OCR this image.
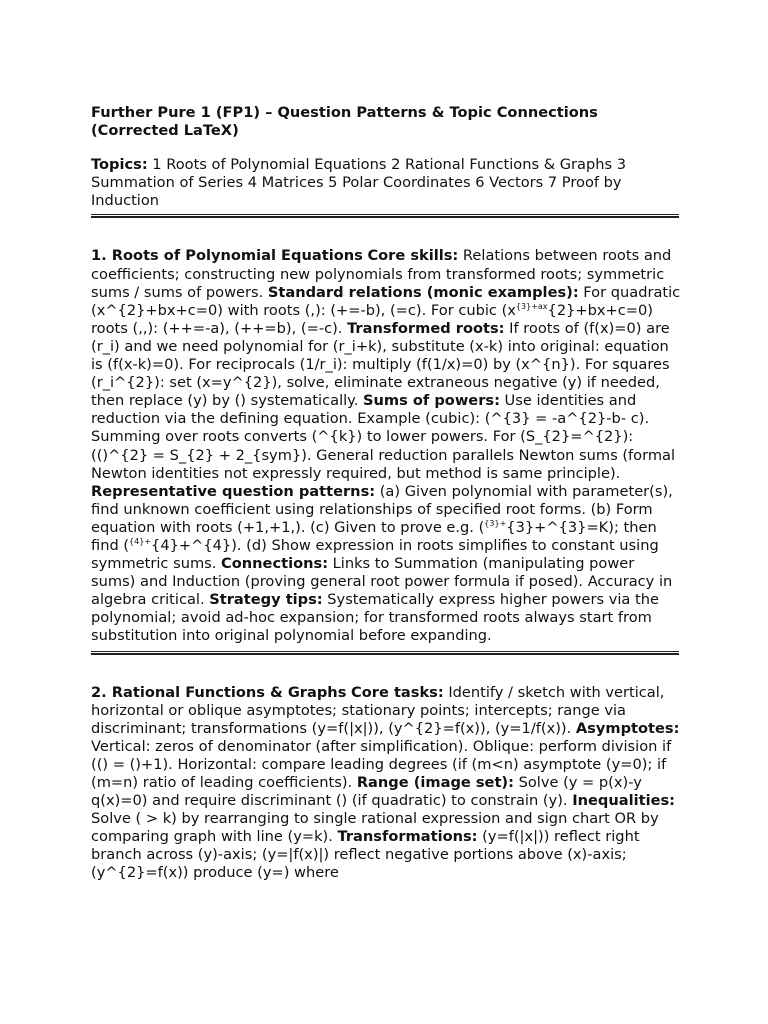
Further Pure 1 (FP1) – Question Patterns & Topic Connections (Corrected LaTeX)

Topics: 1 Roots of Polynomial Equations 2 Rational Functions & Graphs 3 Summation of Series 4 Matrices 5 Polar Coordinates 6 Vectors 7 Proof by Induction

1. Roots of Polynomial Equations Core skills: Relations between roots and coefficients; constructing new polynomials from transformed roots; symmetric sums / sums of powers. Standard relations (monic examples): For quadratic (x^{2}+bx+c=0) with roots (,): (+=-b), (=c). For cubic $(x^{\{3\}+ax}\{2\}+bx+c=0)$ roots (,,): (++=-a), (++=b), (=-c). Transformed roots: If roots of (f(x)=0) are (r_i) and we need polynomial for (r_i+k), substitute (x-k) into original: equation is (f(x-k)=0). For reciprocals (1/r_i): multiply (f(1/x)=0) by (x^{n}). For squares (r_i^{2}): set (x=y^{2}), solve, eliminate extraneous negative (y) if needed, then replace (y) by () systematically. Sums of powers: Use identities and reduction via the defining equation. Example (cubic): (^{3} = -a^{2}-b- c). Summing over roots converts (^{k}) to lower powers. For (S_{2}=^{2}): (()^{2} = S_{2} + 2_{sym}). General reduction parallels Newton sums (formal Newton identities not expressly required, but method is same principle). Representative question patterns: (a) Given polynomial with parameter(s), find unknown coefficient using relationships of specified root forms. (b) Form equation with roots (+1,+1,). (c) Given to prove e.g. ($^{\{3\}+}${3}+^{3}=K); then find ($^{\{4\}+}${4}+^{4}). (d) Show expression in roots simplifies to constant using symmetric sums. Connections: Links to Summation (manipulating power sums) and Induction (proving general root power formula if posed). Accuracy in algebra critical. Strategy tips: Systematically express higher powers via the polynomial; avoid ad-hoc expansion; for transformed roots always start from substitution into original polynomial before expanding.

2. Rational Functions & Graphs Core tasks: Identify / sketch with vertical, horizontal or oblique asymptotes; stationary points; intercepts; range via discriminant; transformations (y=f(|x|)), (y^{2}=f(x)), (y=1/f(x)). Asymptotes: Vertical: zeros of denominator (after simplification). Oblique: perform division if (() = ()+1). Horizontal: compare leading degrees (if (m<n) asymptote (y=0); if (m=n) ratio of leading coefficients). Range (image set): Solve (y = p(x)-y q(x)=0) and require discriminant () (if quadratic) to constrain (y). Inequalities: Solve ( > k) by rearranging to single rational expression and sign chart OR by comparing graph with line (y=k). Transformations: (y=f(|x|)) reflect right branch across (y)-axis; (y=|f(x)|) reflect negative portions above (x)-axis; (y^{2}=f(x)) produce (y=) where
